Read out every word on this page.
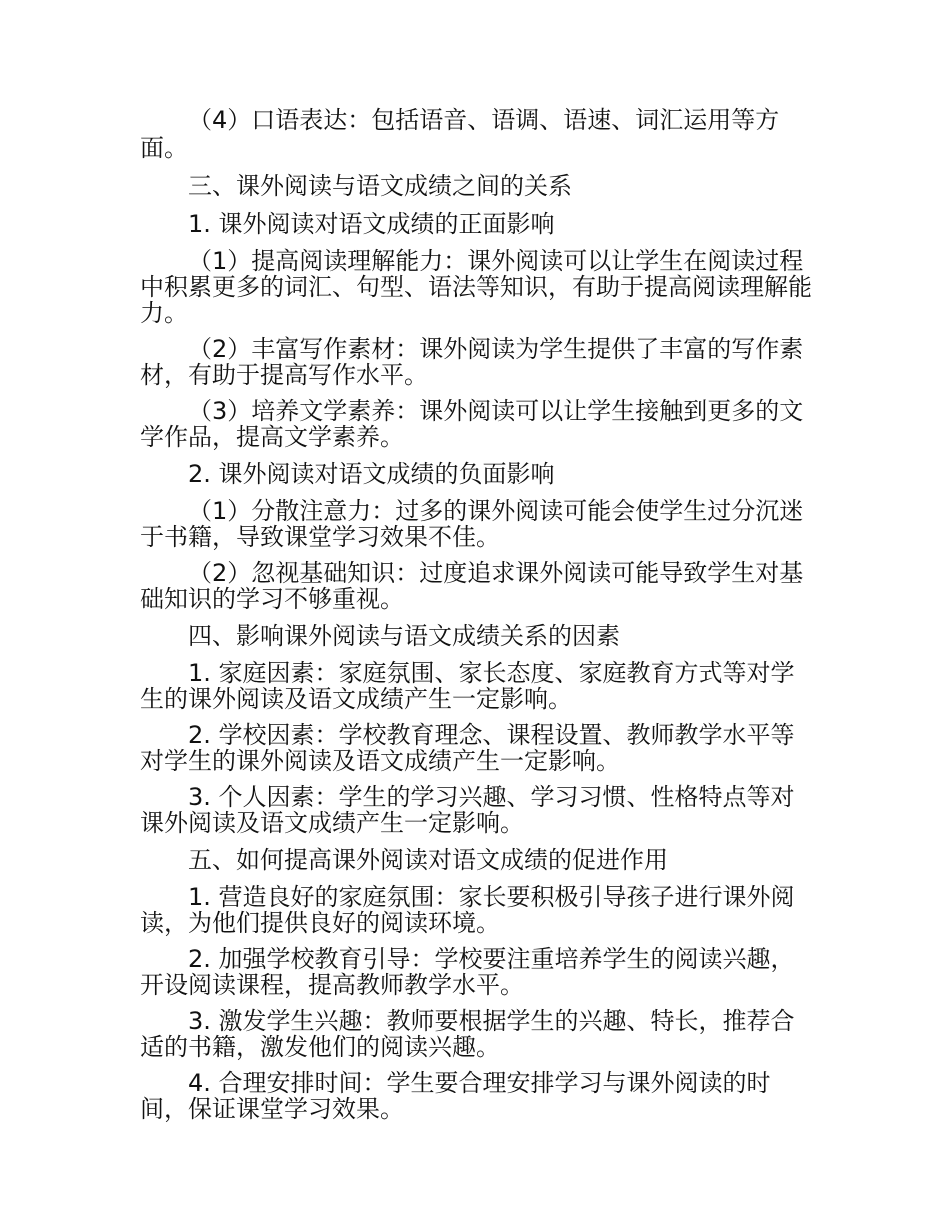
（4）口语表达：包括语音、语调、语速、词汇运用等方面。

三、课外阅读与语文成绩之间的关系

1. 课外阅读对语文成绩的正面影响

（1）提高阅读理解能力：课外阅读可以让学生在阅读过程中积累更多的词汇、句型、语法等知识，有助于提高阅读理解能力。

（2）丰富写作素材：课外阅读为学生提供了丰富的写作素材，有助于提高写作水平。

（3）培养文学素养：课外阅读可以让学生接触到更多的文学作品，提高文学素养。

2. 课外阅读对语文成绩的负面影响

（1）分散注意力：过多的课外阅读可能会使学生过分沉迷于书籍，导致课堂学习效果不佳。

（2）忽视基础知识：过度追求课外阅读可能导致学生对基础知识的学习不够重视。

四、影响课外阅读与语文成绩关系的因素

1. 家庭因素：家庭氛围、家长态度、家庭教育方式等对学生的课外阅读及语文成绩产生一定影响。

2. 学校因素：学校教育理念、课程设置、教师教学水平等对学生的课外阅读及语文成绩产生一定影响。

3. 个人因素：学生的学习兴趣、学习习惯、性格特点等对课外阅读及语文成绩产生一定影响。

五、如何提高课外阅读对语文成绩的促进作用

1. 营造良好的家庭氛围：家长要积极引导孩子进行课外阅读，为他们提供良好的阅读环境。

2. 加强学校教育引导：学校要注重培养学生的阅读兴趣，开设阅读课程，提高教师教学水平。

3. 激发学生兴趣：教师要根据学生的兴趣、特长，推荐合适的书籍，激发他们的阅读兴趣。

4. 合理安排时间：学生要合理安排学习与课外阅读的时间，保证课堂学习效果。
